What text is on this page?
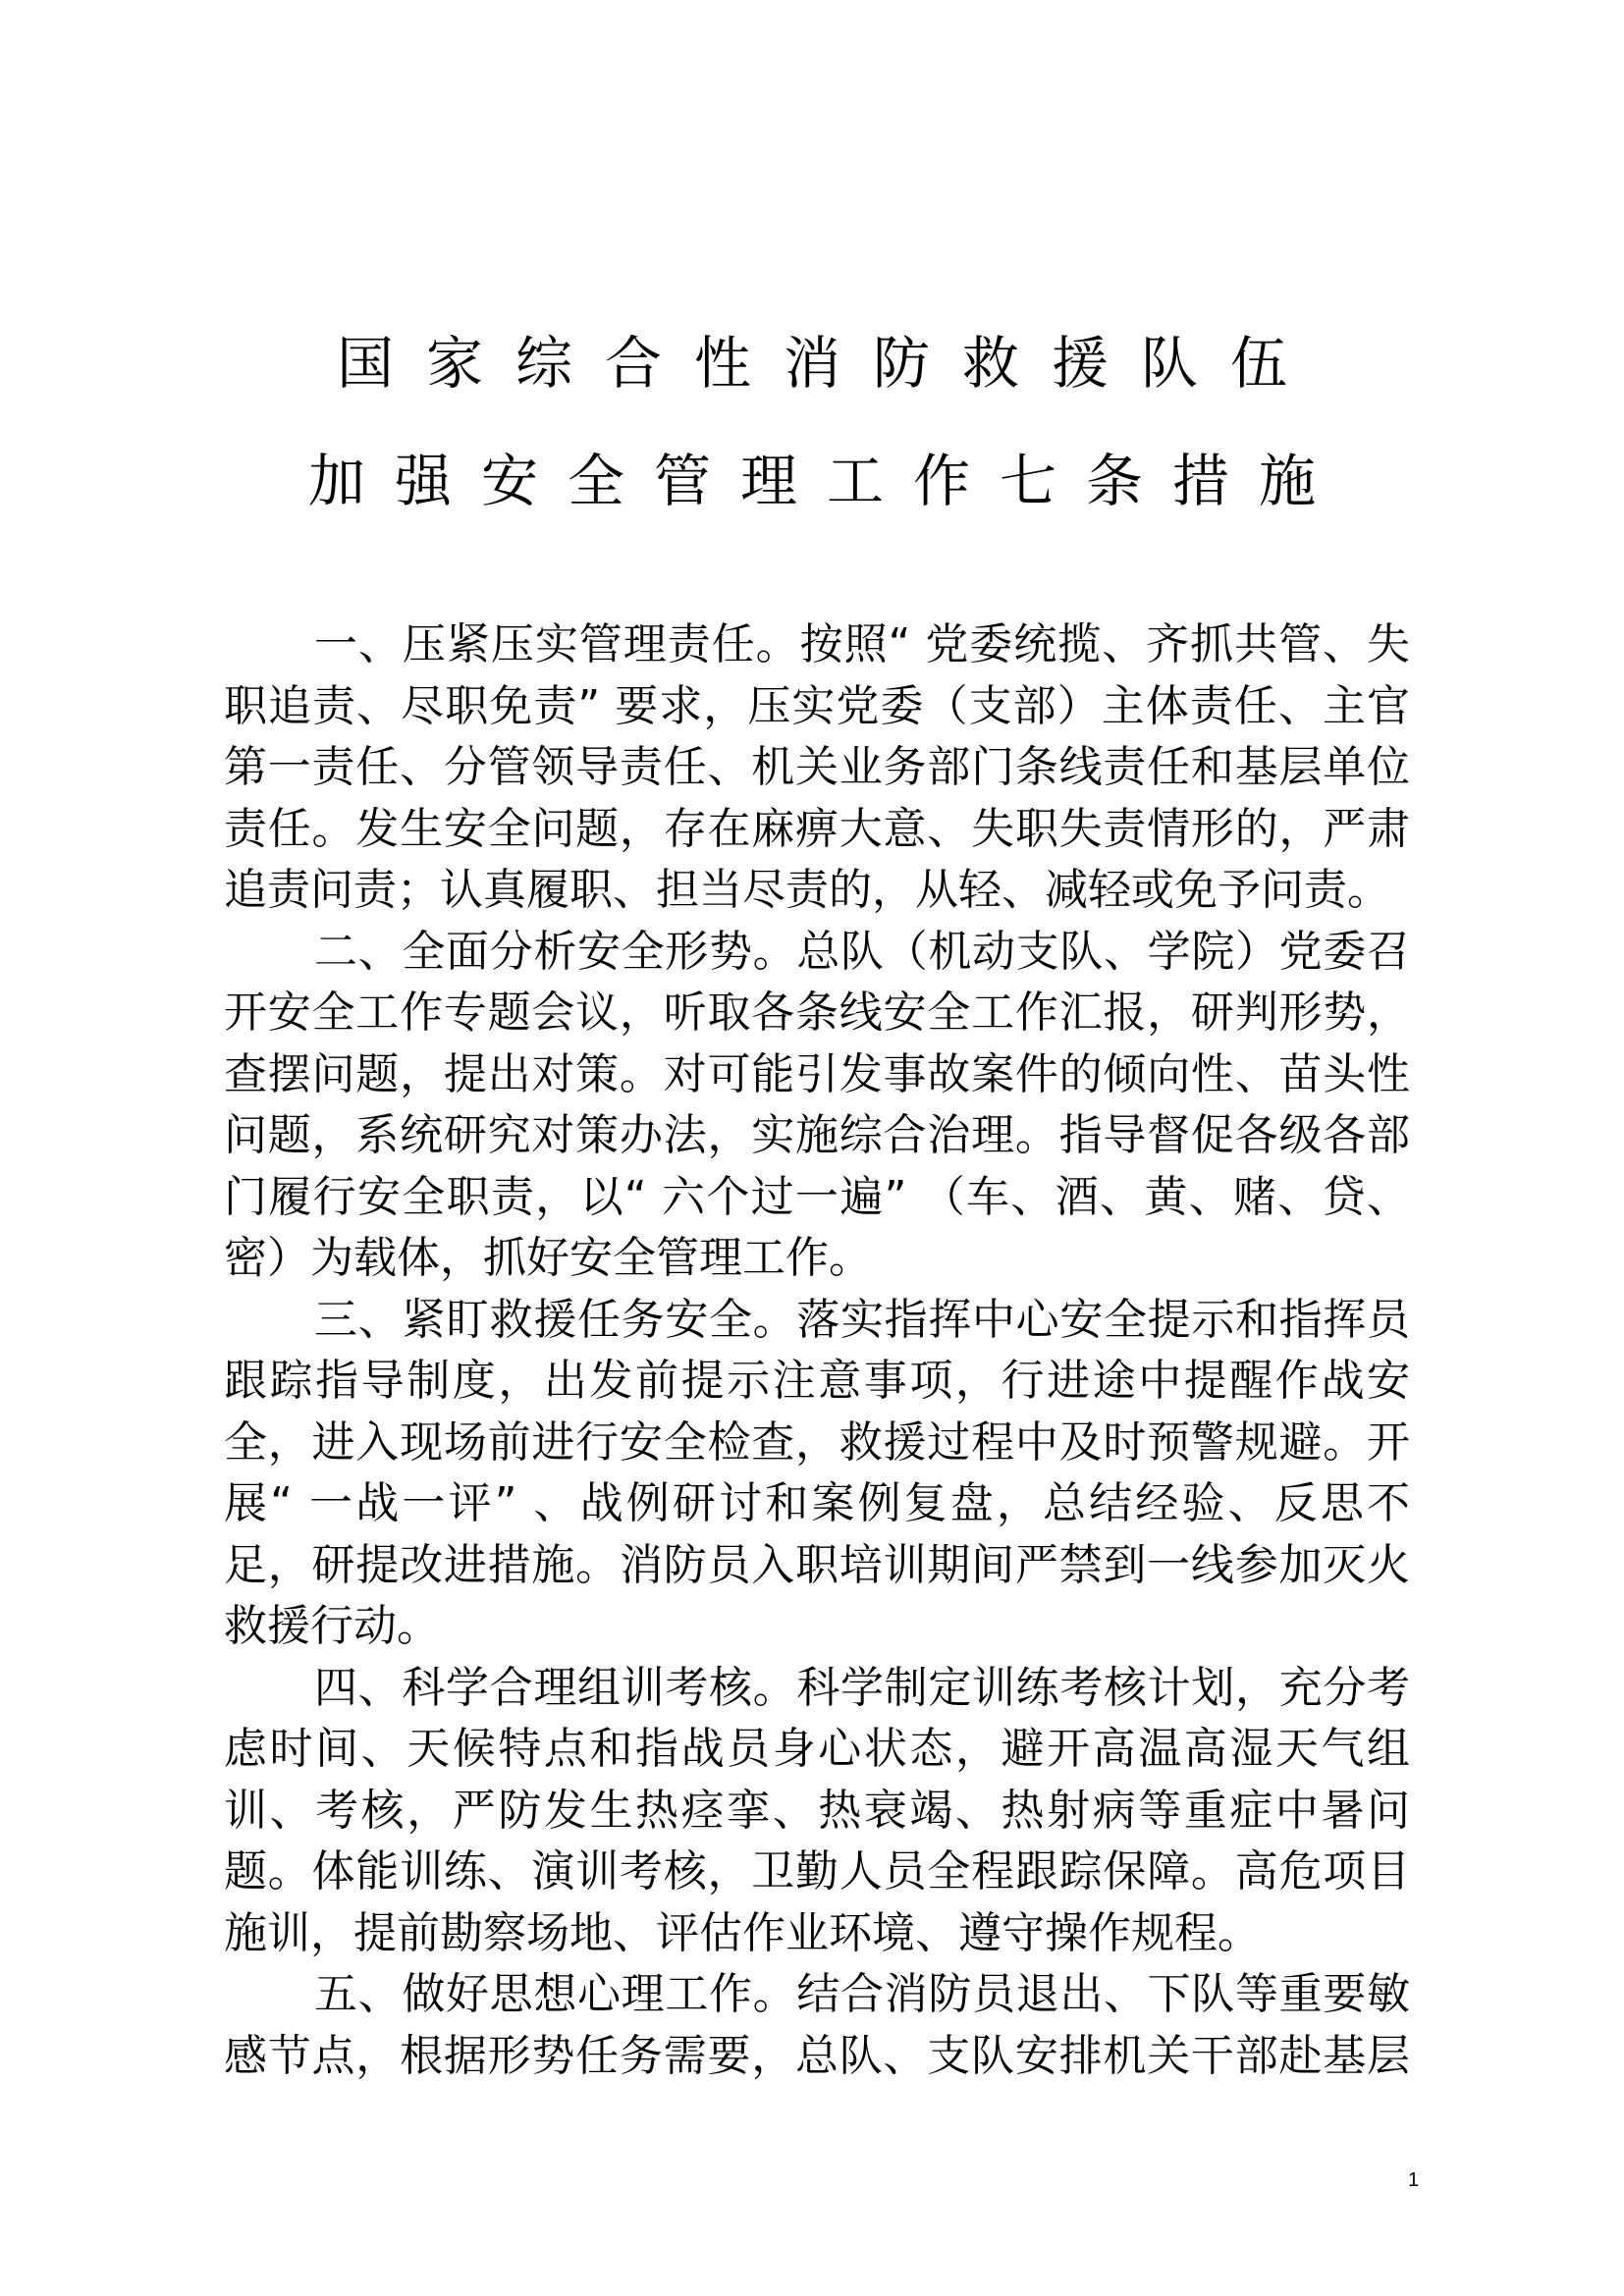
国家综合性消防救援队伍
加强安全管理工作七条措施
一、压紧压实管理责任。按照“ 党委统揽、齐抓共管、失
职追责、尽职免责” 要求，压实党委（支部）主体责任、主官
第一责任、分管领导责任、机关业务部门条线责任和基层单位
责任。发生安全问题，存在麻痹大意、失职失责情形的，严肃
追责问责；认真履职、担当尽责的，从轻、减轻或免予问责。
二、全面分析安全形势。总队（机动支队、学院）党委召
开安全工作专题会议，听取各条线安全工作汇报，研判形势，
查摆问题，提出对策。对可能引发事故案件的倾向性、苗头性
问题，系统研究对策办法，实施综合治理。指导督促各级各部
门履行安全职责，以“ 六个过一遍” （车、酒、黄、赌、贷、
密）为载体，抓好安全管理工作。
三、紧盯救援任务安全。落实指挥中心安全提示和指挥员
跟踪指导制度，出发前提示注意事项，行进途中提醒作战安
全，进入现场前进行安全检查，救援过程中及时预警规避。开
展“ 一战一评” 、战例研讨和案例复盘，总结经验、反思不
足，研提改进措施。消防员入职培训期间严禁到一线参加灭火
救援行动。
四、科学合理组训考核。科学制定训练考核计划，充分考
虑时间、天候特点和指战员身心状态，避开高温高湿天气组
训、考核，严防发生热痉挛、热衰竭、热射病等重症中暑问
题。体能训练、演训考核，卫勤人员全程跟踪保障。高危项目
施训，提前勘察场地、评估作业环境、遵守操作规程。
五、做好思想心理工作。结合消防员退出、下队等重要敏
感节点，根据形势任务需要，总队、支队安排机关干部赴基层
1
